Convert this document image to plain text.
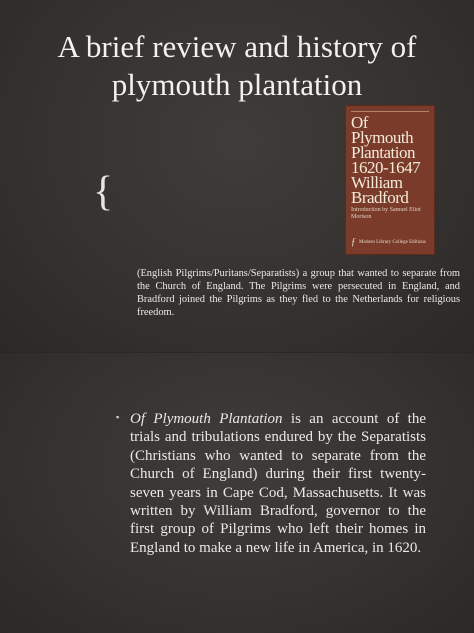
A brief review and history of
plymouth plantation
{
Of
Plymouth
Plantation
1620-1647
William
Bradford
Introduction by Samuel Eliot Morison
ƒ Modern Library College Editions
(English Pilgrims/Puritans/Separatists) a group that wanted to separate from the Church of England. The Pilgrims were persecuted in England, and Bradford joined the Pilgrims as they fled to the Netherlands for religious freedom.
▪ Of Plymouth Plantation is an account of the trials and tribulations endured by the Separatists (Christians who wanted to separate from the Church of England) during their first twenty-seven years in Cape Cod, Massachusetts. It was written by William Bradford, governor to the first group of Pilgrims who left their homes in England to make a new life in America, in 1620.
